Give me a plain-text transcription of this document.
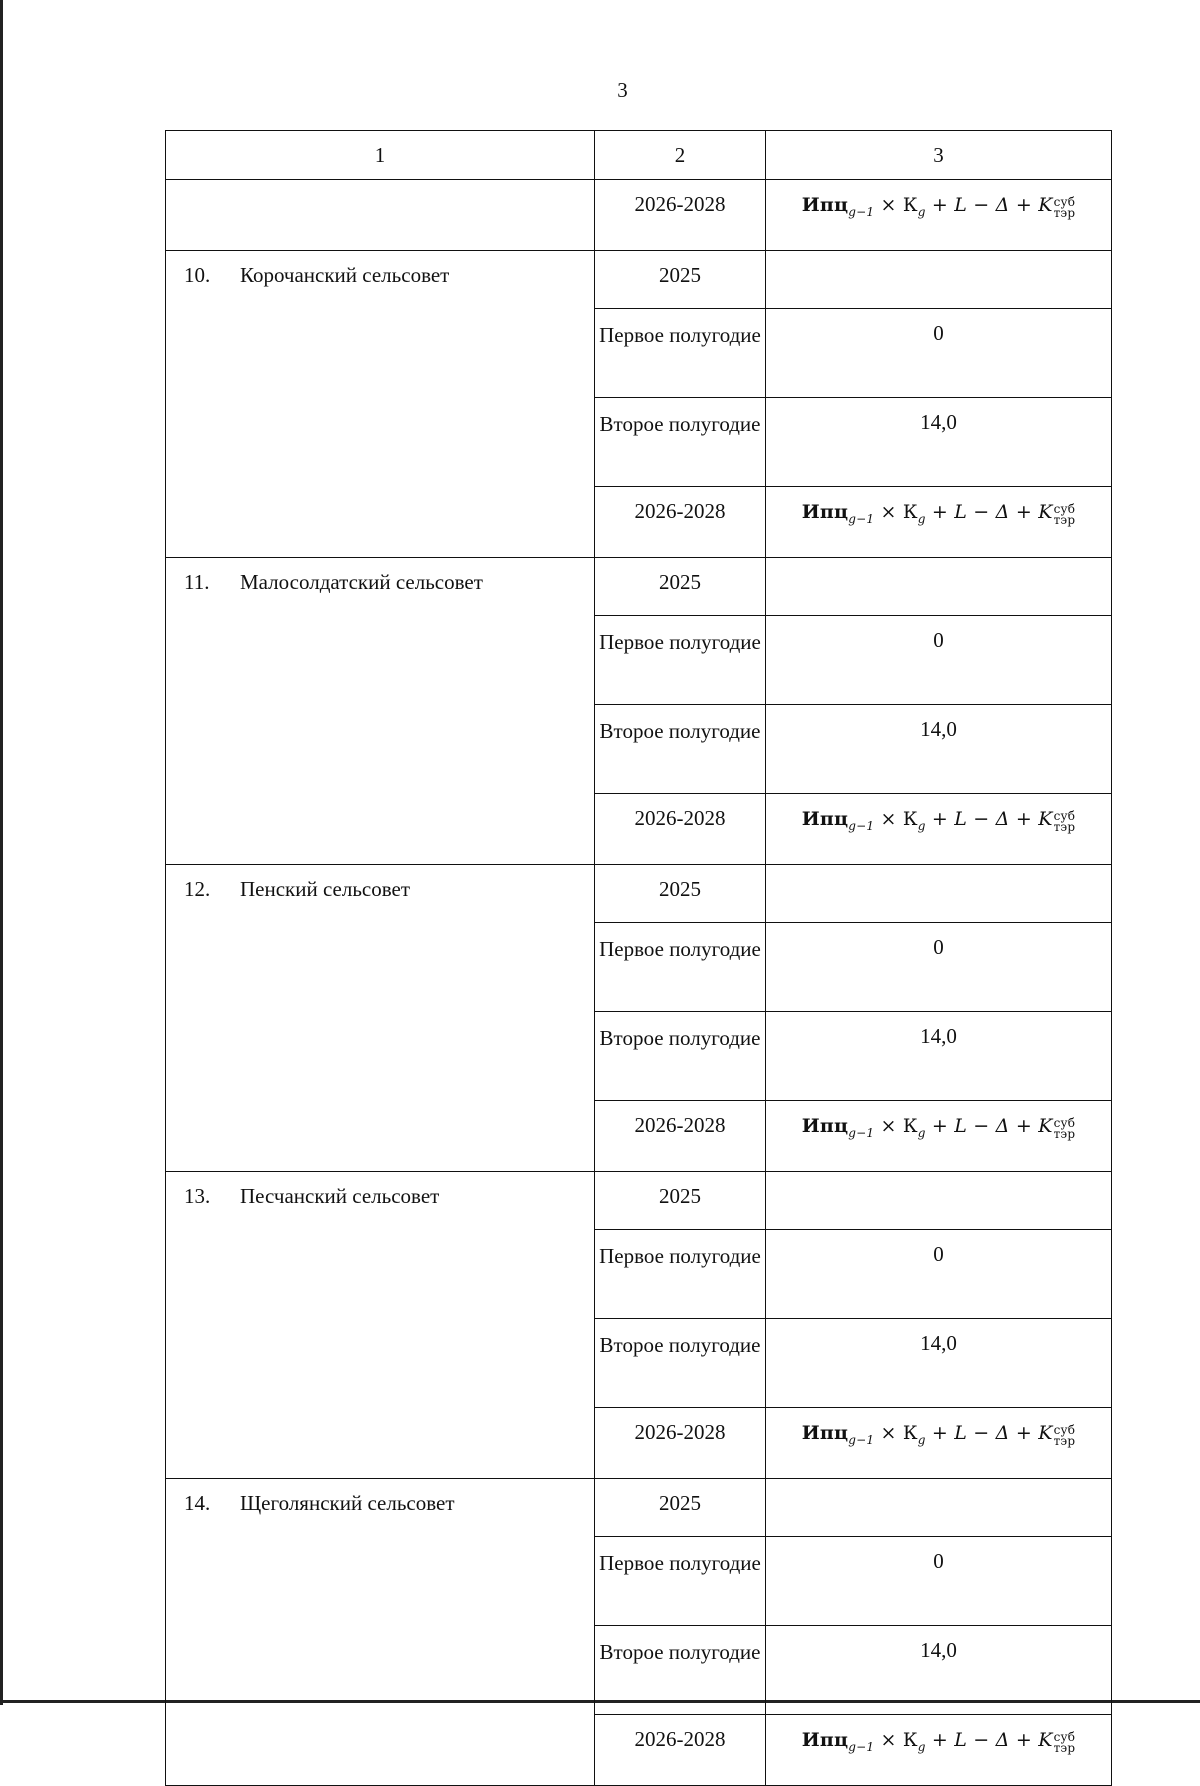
3
1	2	3
	2026-2028	$Ипц_{g-1} \times К_g + L - \Delta + K$ суб
тэр

10. Корочанский сельсовет	2025	
	Первое полугодие	0
	Второе полугодие	14,0
	2026-2028	$Ипц_{g-1} \times К_g + L - \Delta + K$ суб
тэр

11. Малосолдатский сельсовет	2025	
	Первое полугодие	0
	Второе полугодие	14,0
	2026-2028	$Ипц_{g-1} \times К_g + L - \Delta + K$ суб
тэр

12. Пенский сельсовет	2025	
	Первое полугодие	0
	Второе полугодие	14,0
	2026-2028	$Ипц_{g-1} \times К_g + L - \Delta + K$ суб
тэр

13. Песчанский сельсовет	2025	
	Первое полугодие	0
	Второе полугодие	14,0
	2026-2028	$Ипц_{g-1} \times К_g + L - \Delta + K$ суб
тэр

14. Щеголянский сельсовет	2025	
	Первое полугодие	0
	Второе полугодие	14,0
	2026-2028	$Ипц_{g-1} \times К_g + L - \Delta + K$ суб
тэр
